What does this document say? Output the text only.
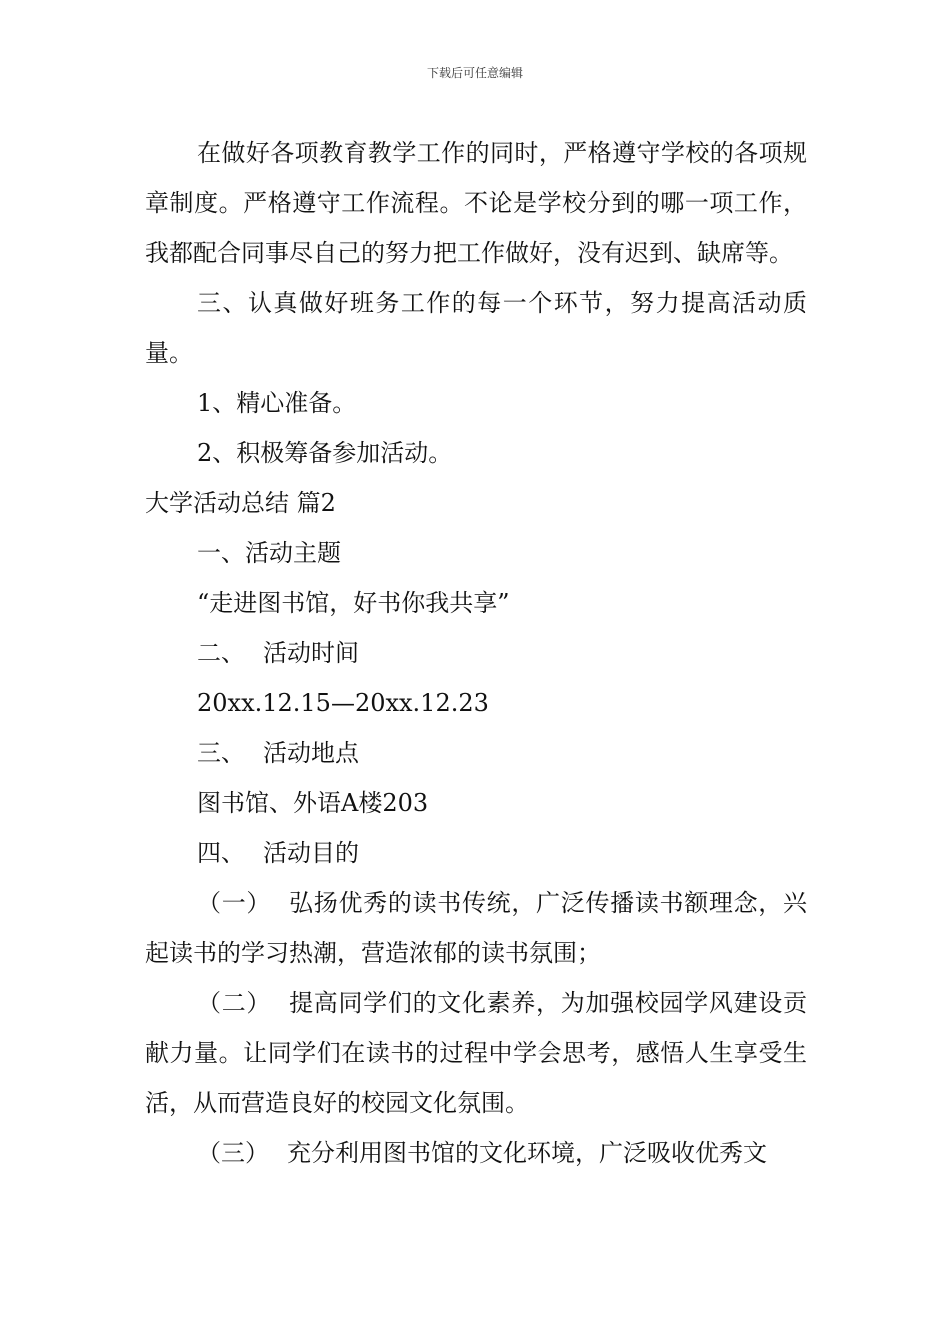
下载后可任意编辑

在做好各项教育教学工作的同时，严格遵守学校的各项规章制度。严格遵守工作流程。不论是学校分到的哪一项工作，我都配合同事尽自己的努力把工作做好，没有迟到、缺席等。

三、认真做好班务工作的每一个环节，努力提高活动质量。

1、精心准备。

2、积极筹备参加活动。

大学活动总结 篇2

一、活动主题

“走进图书馆，好书你我共享”

二、 活动时间

20xx.12.15—20xx.12.23

三、 活动地点

图书馆、外语A楼203

四、 活动目的

（一） 弘扬优秀的读书传统，广泛传播读书额理念，兴起读书的学习热潮，营造浓郁的读书氛围；

（二） 提高同学们的文化素养，为加强校园学风建设贡献力量。让同学们在读书的过程中学会思考，感悟人生享受生活，从而营造良好的校园文化氛围。

（三） 充分利用图书馆的文化环境，广泛吸收优秀文
